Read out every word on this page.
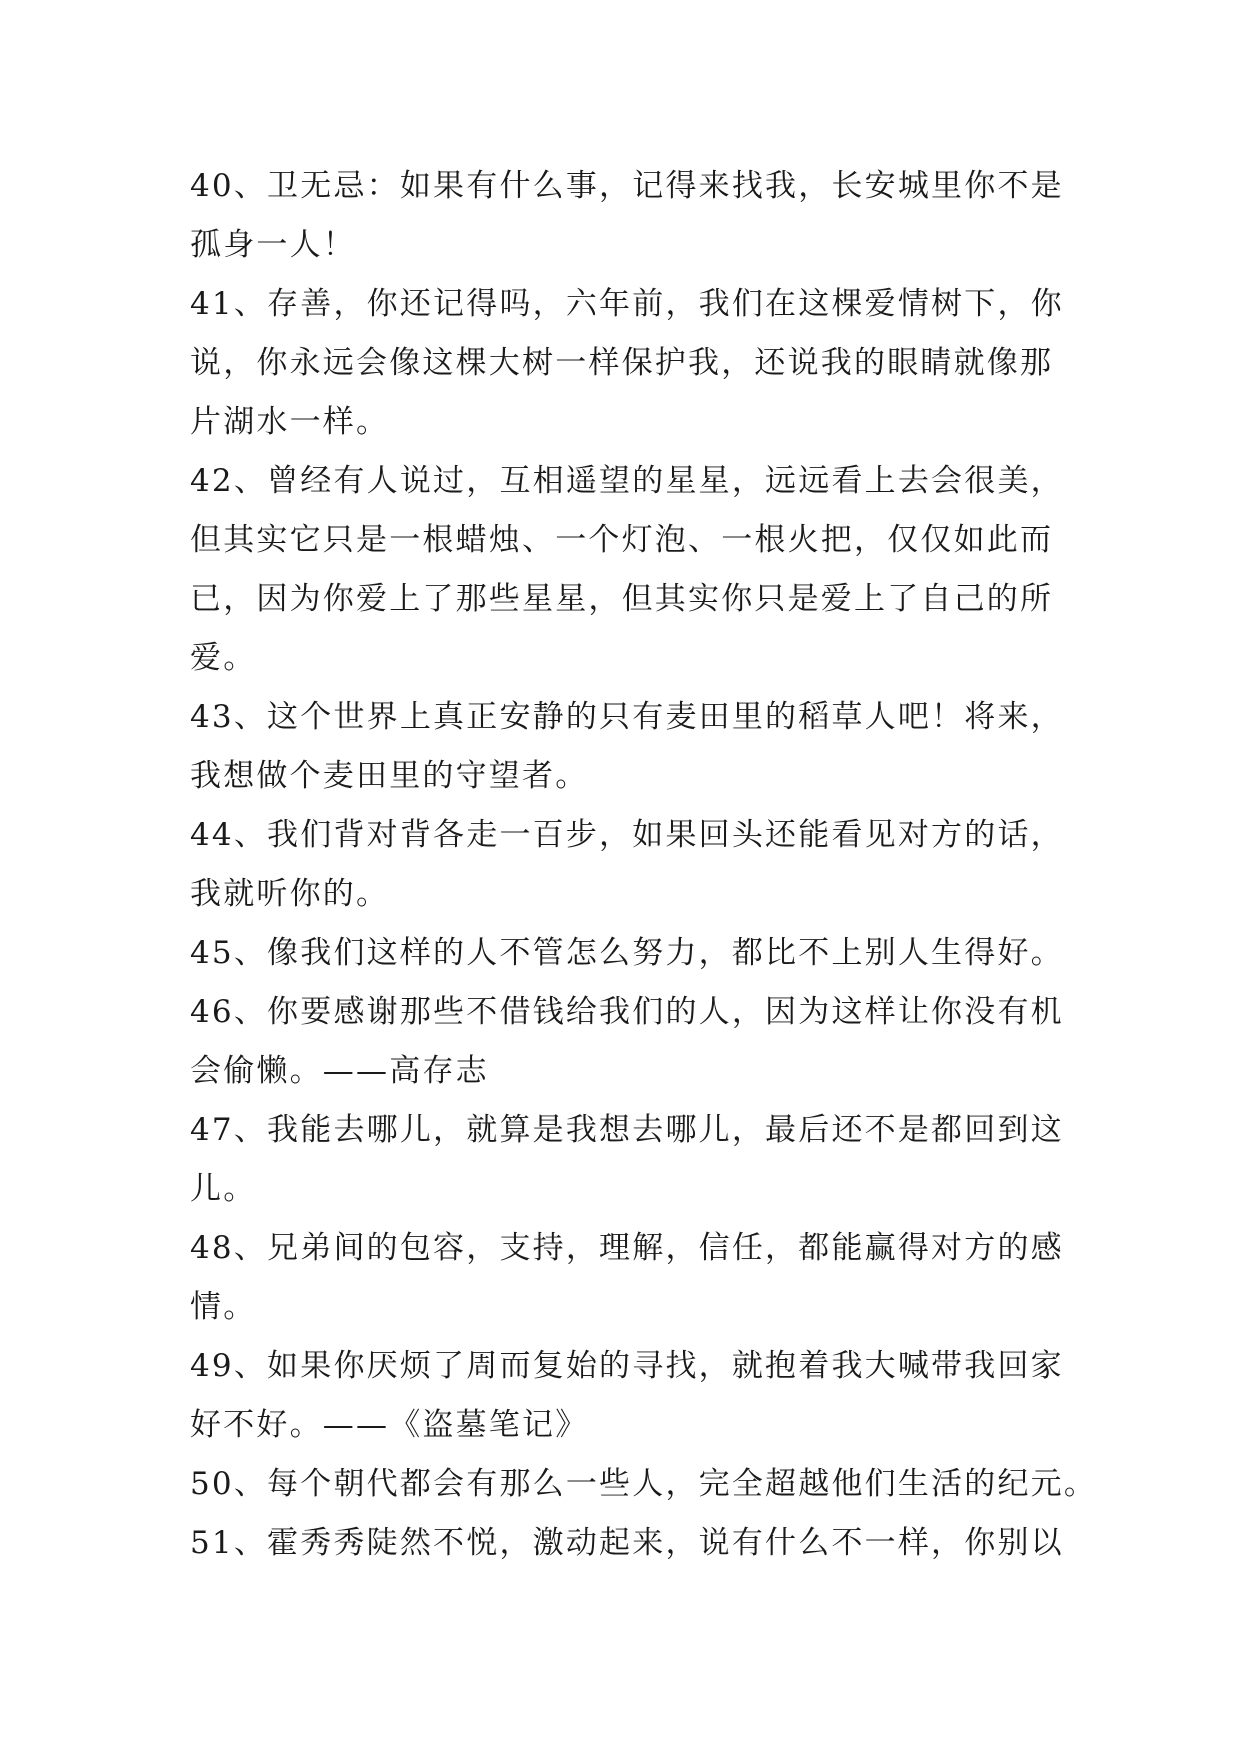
40、卫无忌：如果有什么事，记得来找我，长安城里你不是
孤身一人！
41、存善，你还记得吗，六年前，我们在这棵爱情树下，你
说，你永远会像这棵大树一样保护我，还说我的眼睛就像那
片湖水一样。
42、曾经有人说过，互相遥望的星星，远远看上去会很美，
但其实它只是一根蜡烛、一个灯泡、一根火把，仅仅如此而
已，因为你爱上了那些星星，但其实你只是爱上了自己的所
爱。
43、这个世界上真正安静的只有麦田里的稻草人吧！将来，
我想做个麦田里的守望者。
44、我们背对背各走一百步，如果回头还能看见对方的话，
我就听你的。
45、像我们这样的人不管怎么努力，都比不上别人生得好。
46、你要感谢那些不借钱给我们的人，因为这样让你没有机
会偷懒。——高存志
47、我能去哪儿，就算是我想去哪儿，最后还不是都回到这
儿。
48、兄弟间的包容，支持，理解，信任，都能赢得对方的感
情。
49、如果你厌烦了周而复始的寻找，就抱着我大喊带我回家
好不好。——《盗墓笔记》
50、每个朝代都会有那么一些人，完全超越他们生活的纪元。
51、霍秀秀陡然不悦，激动起来，说有什么不一样，你别以
